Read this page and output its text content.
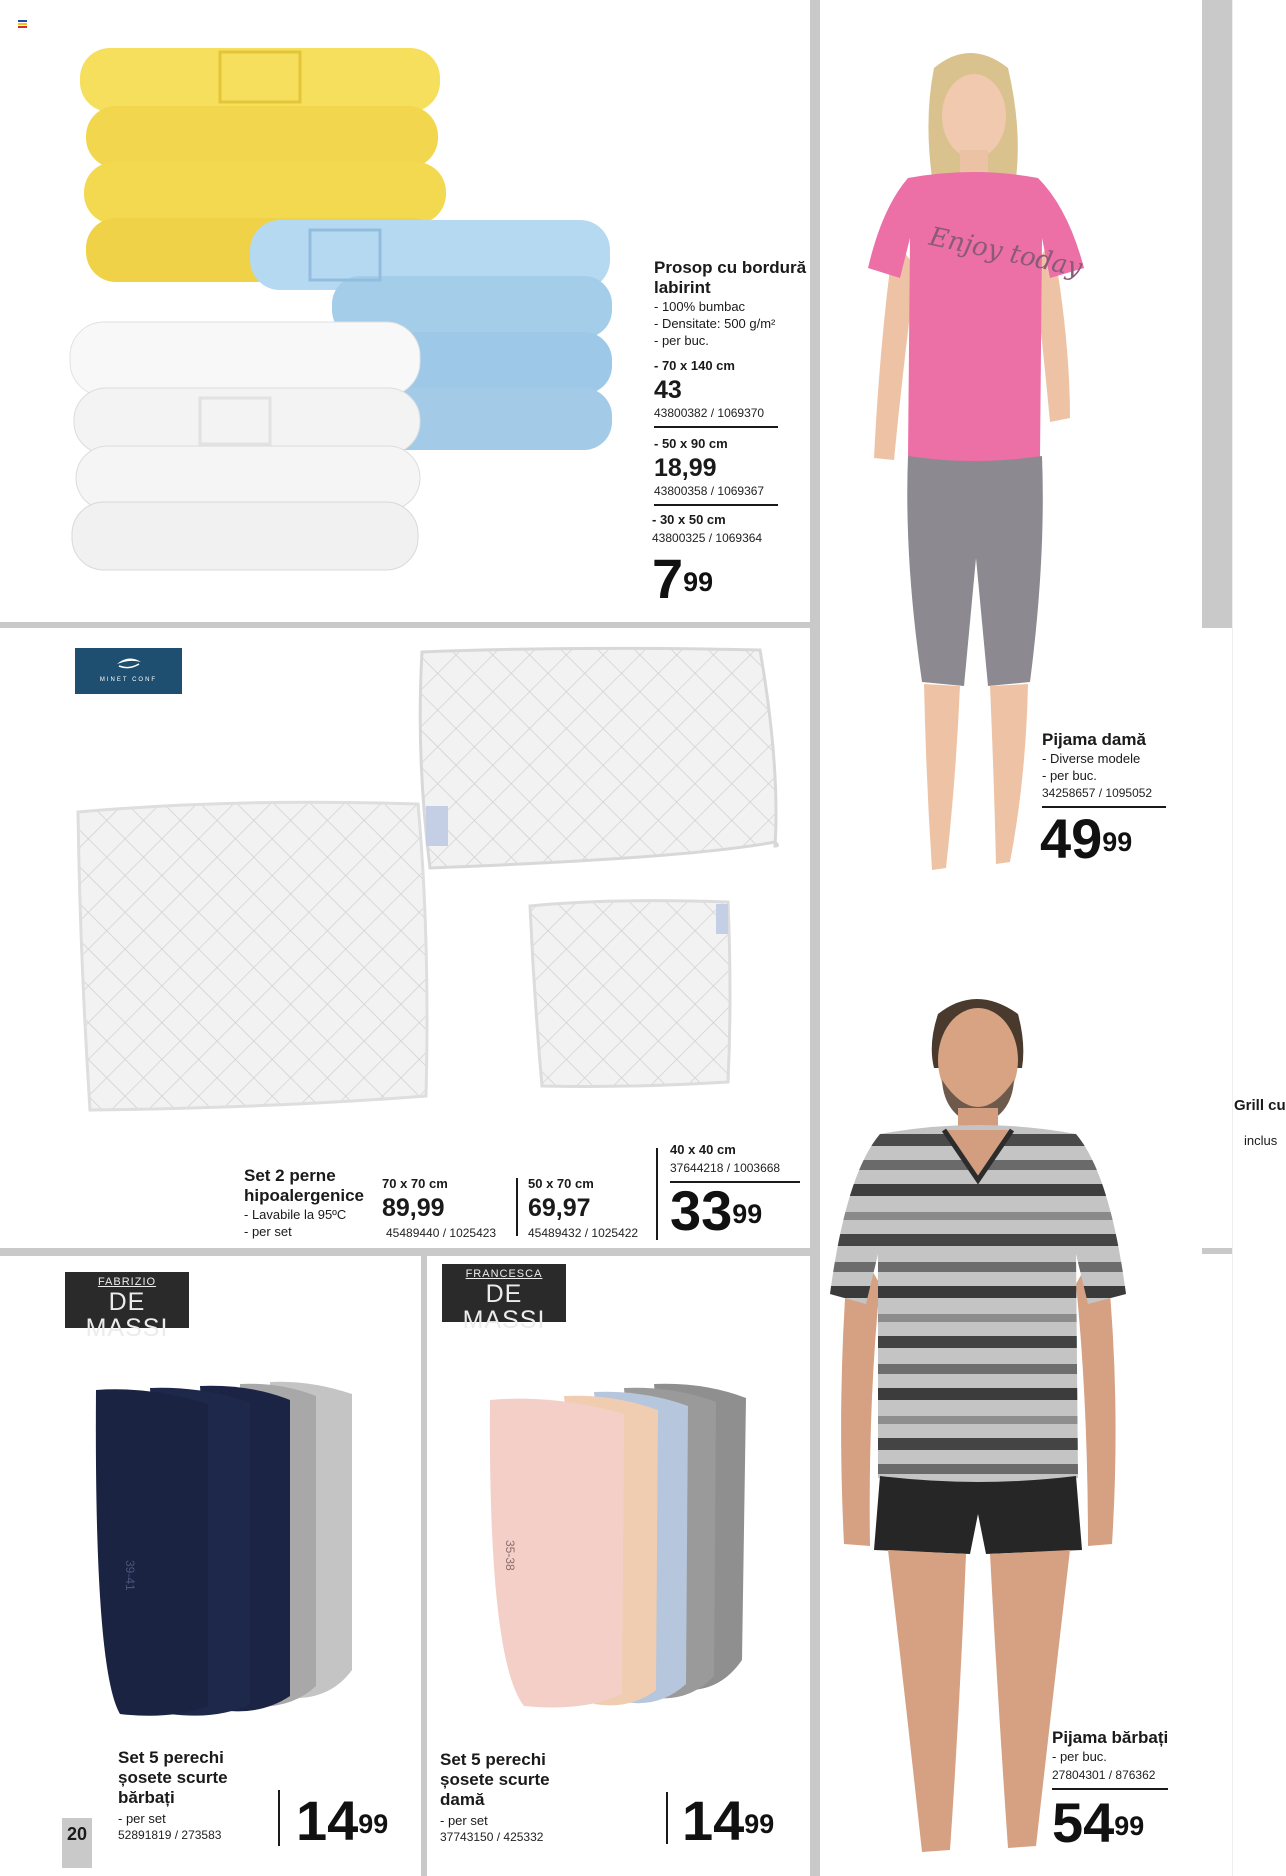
Prosop cu bordură
labirint
- 100% bumbac
- Densitate: 500 g/m²
- per buc.
- 70 x 140 cm
43
43800382 / 1069370
- 50 x 90 cm
18,99
43800358 / 1069367
- 30 x 50 cm
43800325 / 1069364
$7^{99}$
MINET CONF
Set 2 perne
hipoalergenice
- Lavabile la 95ºC
- per set
70 x 70 cm
89,99
45489440 / 1025423
50 x 70 cm
69,97
45489432 / 1025422
40 x 40 cm
37644218 / 1003668
$33^{99}$
Enjoy today
Pijama damă
- Diverse modele
- per buc.
34258657 / 1095052
$49^{99}$
Pijama bărbați
- per buc.
27804301 / 876362
$54^{99}$
FABRIZIO
DE MASSI
39-41
Set 5 perechi
șosete scurte
bărbați
- per set
52891819 / 273583	$14^{99}$
20
FRANCESCA
DE MASSI
35-38
Set 5 perechi
șosete scurte
damă
- per set
37743150 / 425332	$14^{99}$
Grill cu
inclus
